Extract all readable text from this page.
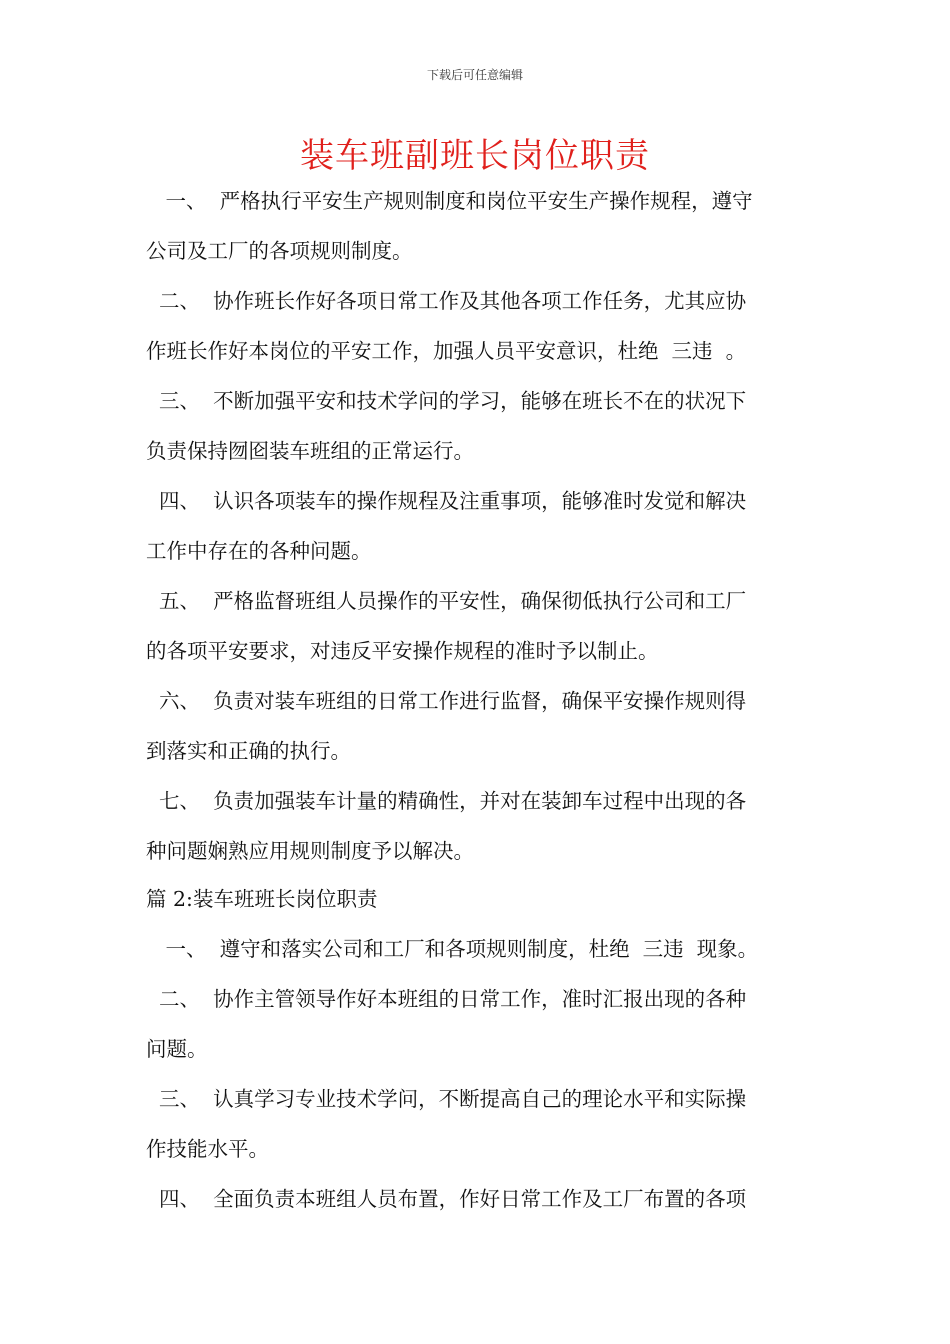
下载后可任意编辑
装车班副班长岗位职责
一、  严格执行平安生产规则制度和岗位平安生产操作规程，遵守
公司及工厂的各项规则制度。
二、  协作班长作好各项日常工作及其他各项工作任务，尤其应协
作班长作好本岗位的平安工作，加强人员平安意识，杜绝  三违  。
三、  不断加强平安和技术学问的学习，能够在班长不在的状况下
负责保持囫囵装车班组的正常运行。
四、  认识各项装车的操作规程及注重事项，能够准时发觉和解决
工作中存在的各种问题。
五、  严格监督班组人员操作的平安性，确保彻低执行公司和工厂
的各项平安要求，对违反平安操作规程的准时予以制止。
六、  负责对装车班组的日常工作进行监督，确保平安操作规则得
到落实和正确的执行。
七、  负责加强装车计量的精确性，并对在装卸车过程中出现的各
种问题娴熟应用规则制度予以解决。
篇 2:装车班班长岗位职责
一、  遵守和落实公司和工厂和各项规则制度，杜绝  三违  现象。
二、  协作主管领导作好本班组的日常工作，准时汇报出现的各种
问题。
三、  认真学习专业技术学问，不断提高自己的理论水平和实际操
作技能水平。
四、  全面负责本班组人员布置，作好日常工作及工厂布置的各项
